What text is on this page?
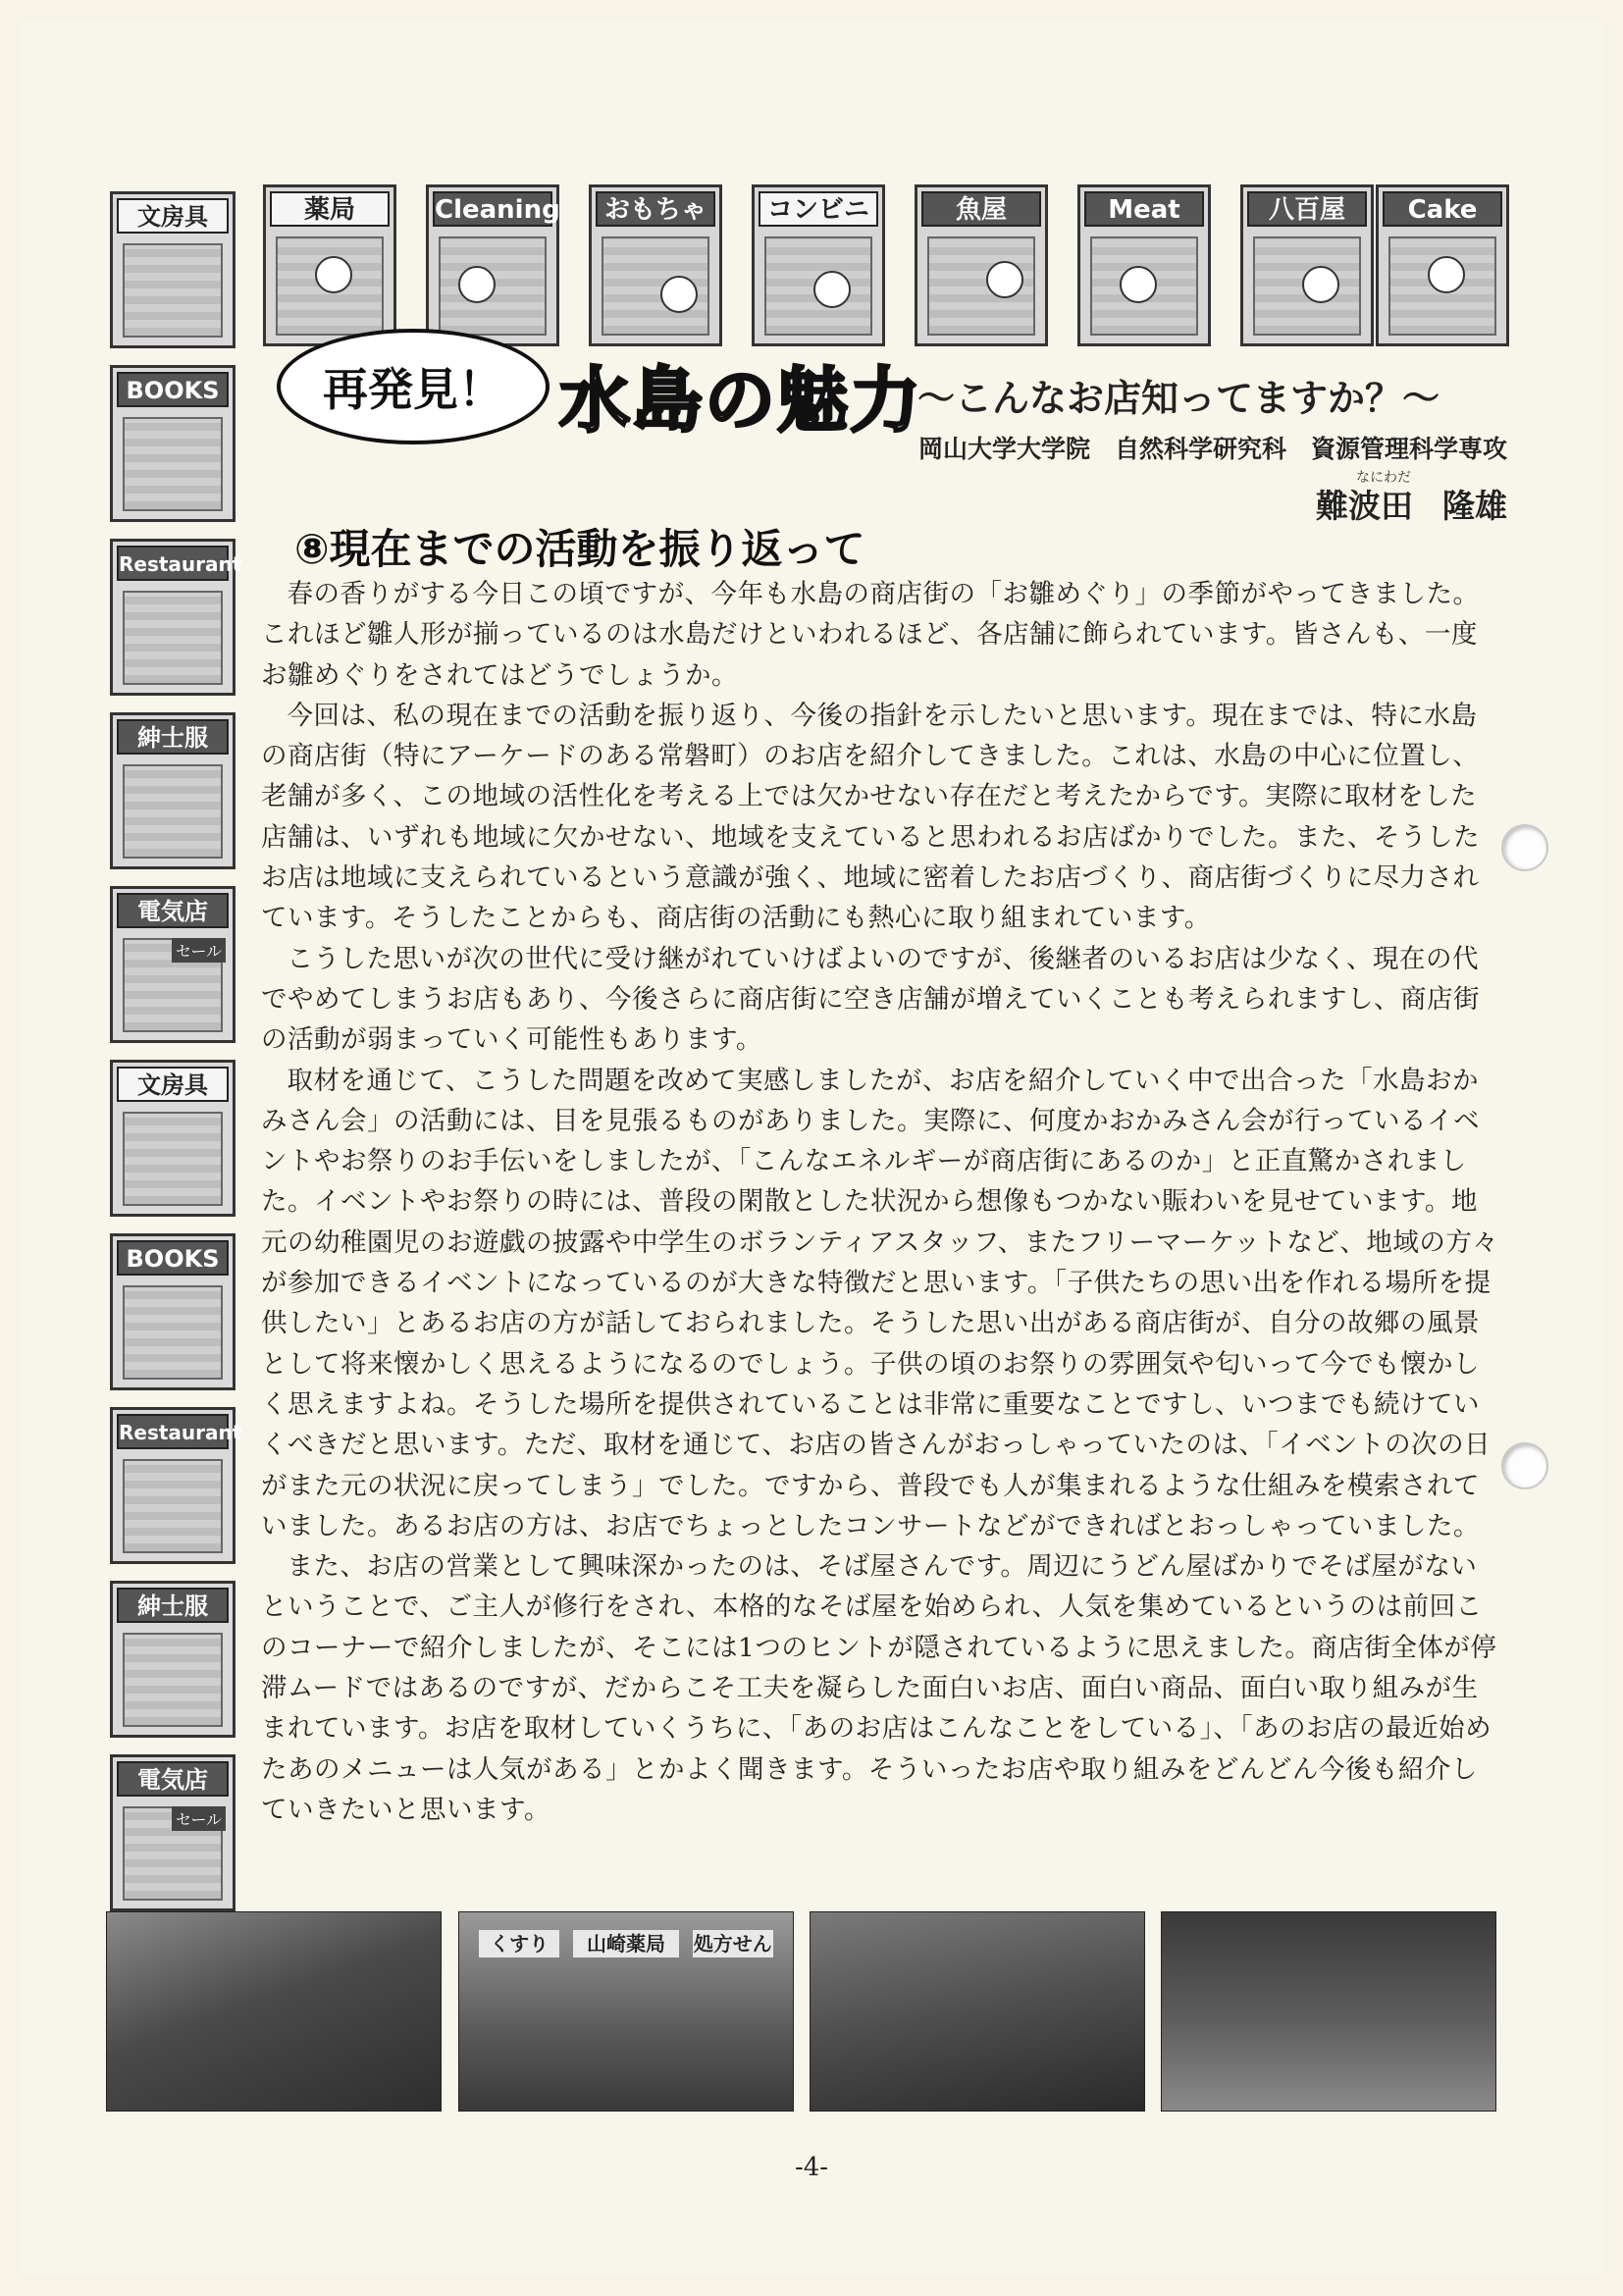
薬局	Cleaning	おもちゃ	コンビニ	魚屋	Meat	八百屋	Cake
文房具
BOOKS
Restaurant
紳士服
電気店
セール
文房具
BOOKS
Restaurant
紳士服
電気店
セール
再発見！ 水島の魅力
～こんなお店知ってますか？～
岡山大学大学院　自然科学研究科　資源管理科学専攻
なにわだ
難波田 隆雄
⑧現在までの活動を振り返って

春の香りがする今日この頃ですが、今年も水島の商店街の「お雛めぐり」の季節がやってきました。これほど雛人形が揃っているのは水島だけといわれるほど、各店舗に飾られています。皆さんも、一度お雛めぐりをされてはどうでしょうか。

今回は、私の現在までの活動を振り返り、今後の指針を示したいと思います。現在までは、特に水島の商店街（特にアーケードのある常磐町）のお店を紹介してきました。これは、水島の中心に位置し、老舗が多く、この地域の活性化を考える上では欠かせない存在だと考えたからです。実際に取材をした店舗は、いずれも地域に欠かせない、地域を支えていると思われるお店ばかりでした。また、そうしたお店は地域に支えられているという意識が強く、地域に密着したお店づくり、商店街づくりに尽力されています。そうしたことからも、商店街の活動にも熱心に取り組まれています。

こうした思いが次の世代に受け継がれていけばよいのですが、後継者のいるお店は少なく、現在の代でやめてしまうお店もあり、今後さらに商店街に空き店舗が増えていくことも考えられますし、商店街の活動が弱まっていく可能性もあります。

取材を通じて、こうした問題を改めて実感しましたが、お店を紹介していく中で出合った「水島おかみさん会」の活動には、目を見張るものがありました。実際に、何度かおかみさん会が行っているイベントやお祭りのお手伝いをしましたが、「こんなエネルギーが商店街にあるのか」と正直驚かされました。イベントやお祭りの時には、普段の閑散とした状況から想像もつかない賑わいを見せています。地元の幼稚園児のお遊戯の披露や中学生のボランティアスタッフ、またフリーマーケットなど、地域の方々が参加できるイベントになっているのが大きな特徴だと思います。「子供たちの思い出を作れる場所を提供したい」とあるお店の方が話しておられました。そうした思い出がある商店街が、自分の故郷の風景として将来懐かしく思えるようになるのでしょう。子供の頃のお祭りの雰囲気や匂いって今でも懐かしく思えますよね。そうした場所を提供されていることは非常に重要なことですし、いつまでも続けていくべきだと思います。ただ、取材を通じて、お店の皆さんがおっしゃっていたのは、「イベントの次の日がまた元の状況に戻ってしまう」でした。ですから、普段でも人が集まれるような仕組みを模索されていました。あるお店の方は、お店でちょっとしたコンサートなどができればとおっしゃっていました。

また、お店の営業として興味深かったのは、そば屋さんです。周辺にうどん屋ばかりでそば屋がないということで、ご主人が修行をされ、本格的なそば屋を始められ、人気を集めているというのは前回このコーナーで紹介しましたが、そこには1つのヒントが隠されているように思えました。商店街全体が停滞ムードではあるのですが、だからこそ工夫を凝らした面白いお店、面白い商品、面白い取り組みが生まれています。お店を取材していくうちに、「あのお店はこんなことをしている」、「あのお店の最近始めたあのメニューは人気がある」とかよく聞きます。そういったお店や取り組みをどんどん今後も紹介していきたいと思います。

くすり	山崎薬局	処方せん
-4-
